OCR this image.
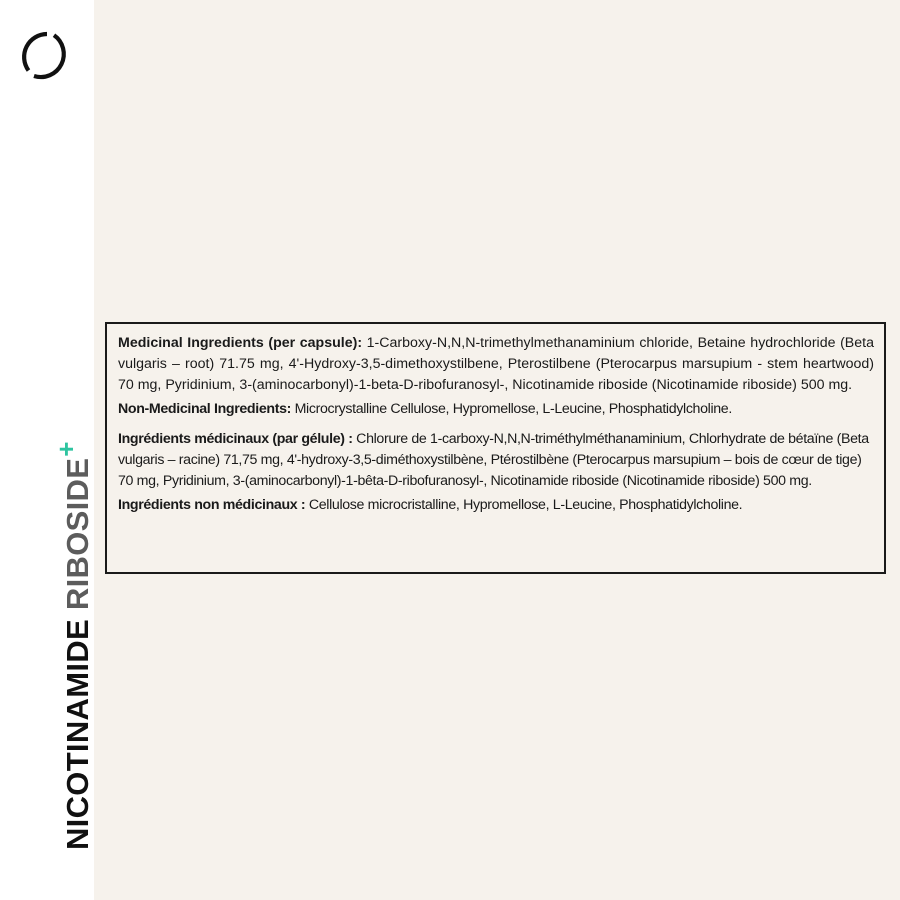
NICOTINAMIDERIBOSIDE+

Medicinal Ingredients (per capsule): 1-Carboxy-N,N,N-trimethylmethanaminium chloride, Betaine hydrochloride (Beta vulgaris – root) 71.75 mg, 4'-Hydroxy-3,5-dimethoxystilbene, Pterostilbene (Pterocarpus marsupium - stem heartwood) 70 mg, Pyridinium, 3-(aminocarbonyl)-1-beta-D-ribofuranosyl-, Nicotinamide riboside (Nicotinamide riboside) 500 mg.

Non-Medicinal Ingredients: Microcrystalline Cellulose, Hypromellose, L-Leucine, Phosphatidylcholine.

Ingrédients médicinaux (par gélule) : Chlorure de 1-carboxy-N,N,N-triméthylméthanaminium, Chlorhydrate de bétaïne (Beta vulgaris – racine) 71,75 mg, 4'-hydroxy-3,5-diméthoxystilbène, Ptérostilbène (Pterocarpus marsupium – bois de cœur de tige) 70 mg, Pyridinium, 3-(aminocarbonyl)-1-bêta-D-ribofuranosyl-, Nicotinamide riboside (Nicotinamide riboside) 500 mg.

Ingrédients non médicinaux : Cellulose microcristalline, Hypromellose, L-Leucine, Phosphatidylcholine.
